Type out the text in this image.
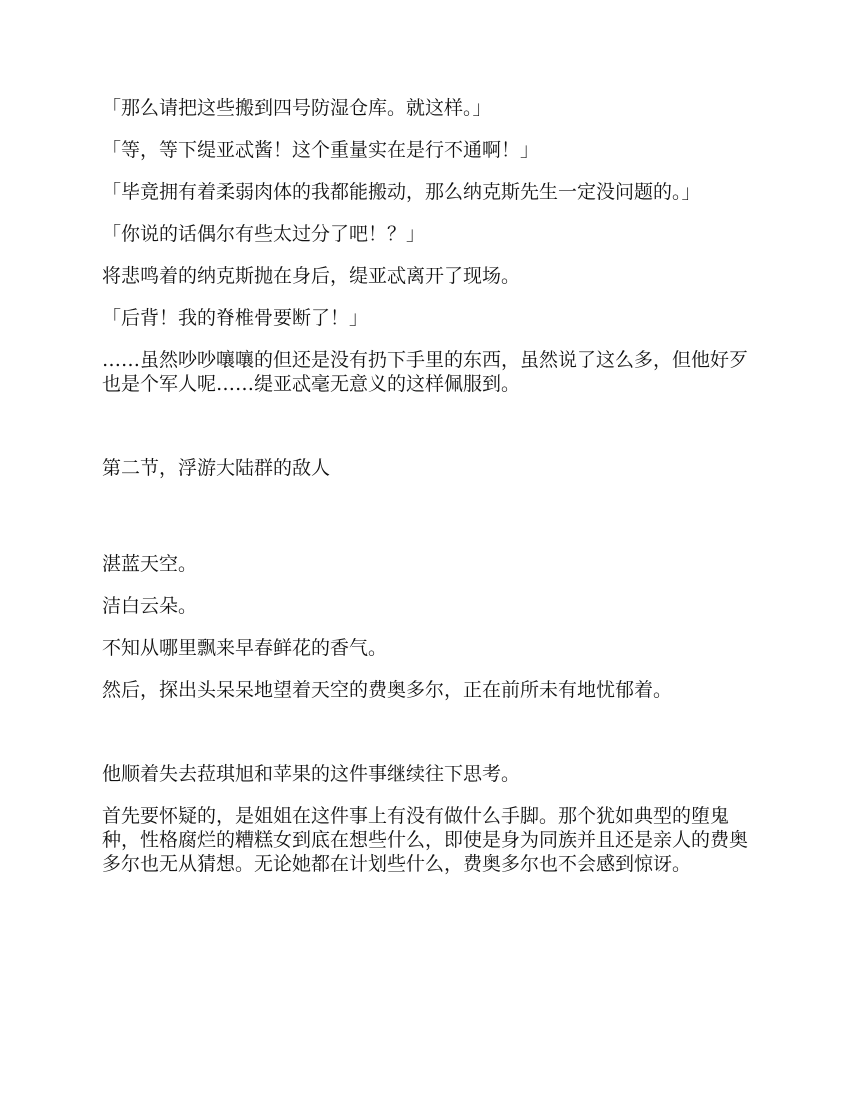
「那么请把这些搬到四号防湿仓库。就这样。」

「等，等下缇亚忒酱！这个重量实在是行不通啊！」

「毕竟拥有着柔弱肉体的我都能搬动，那么纳克斯先生一定没问题的。」

「你说的话偶尔有些太过分了吧！？」

将悲鸣着的纳克斯抛在身后，缇亚忒离开了现场。

「后背！我的脊椎骨要断了！」

……虽然吵吵嚷嚷的但还是没有扔下手里的东西，虽然说了这么多，但他好歹也是个军人呢……缇亚忒毫无意义的这样佩服到。

第二节，浮游大陆群的敌人

湛蓝天空。

洁白云朵。

不知从哪里飘来早春鲜花的香气。

然后，探出头呆呆地望着天空的费奥多尔，正在前所未有地忧郁着。

他顺着失去菈琪旭和苹果的这件事继续往下思考。

首先要怀疑的，是姐姐在这件事上有没有做什么手脚。那个犹如典型的堕鬼种，性格腐烂的糟糕女到底在想些什么，即使是身为同族并且还是亲人的费奥多尔也无从猜想。无论她都在计划些什么，费奥多尔也不会感到惊讶。
